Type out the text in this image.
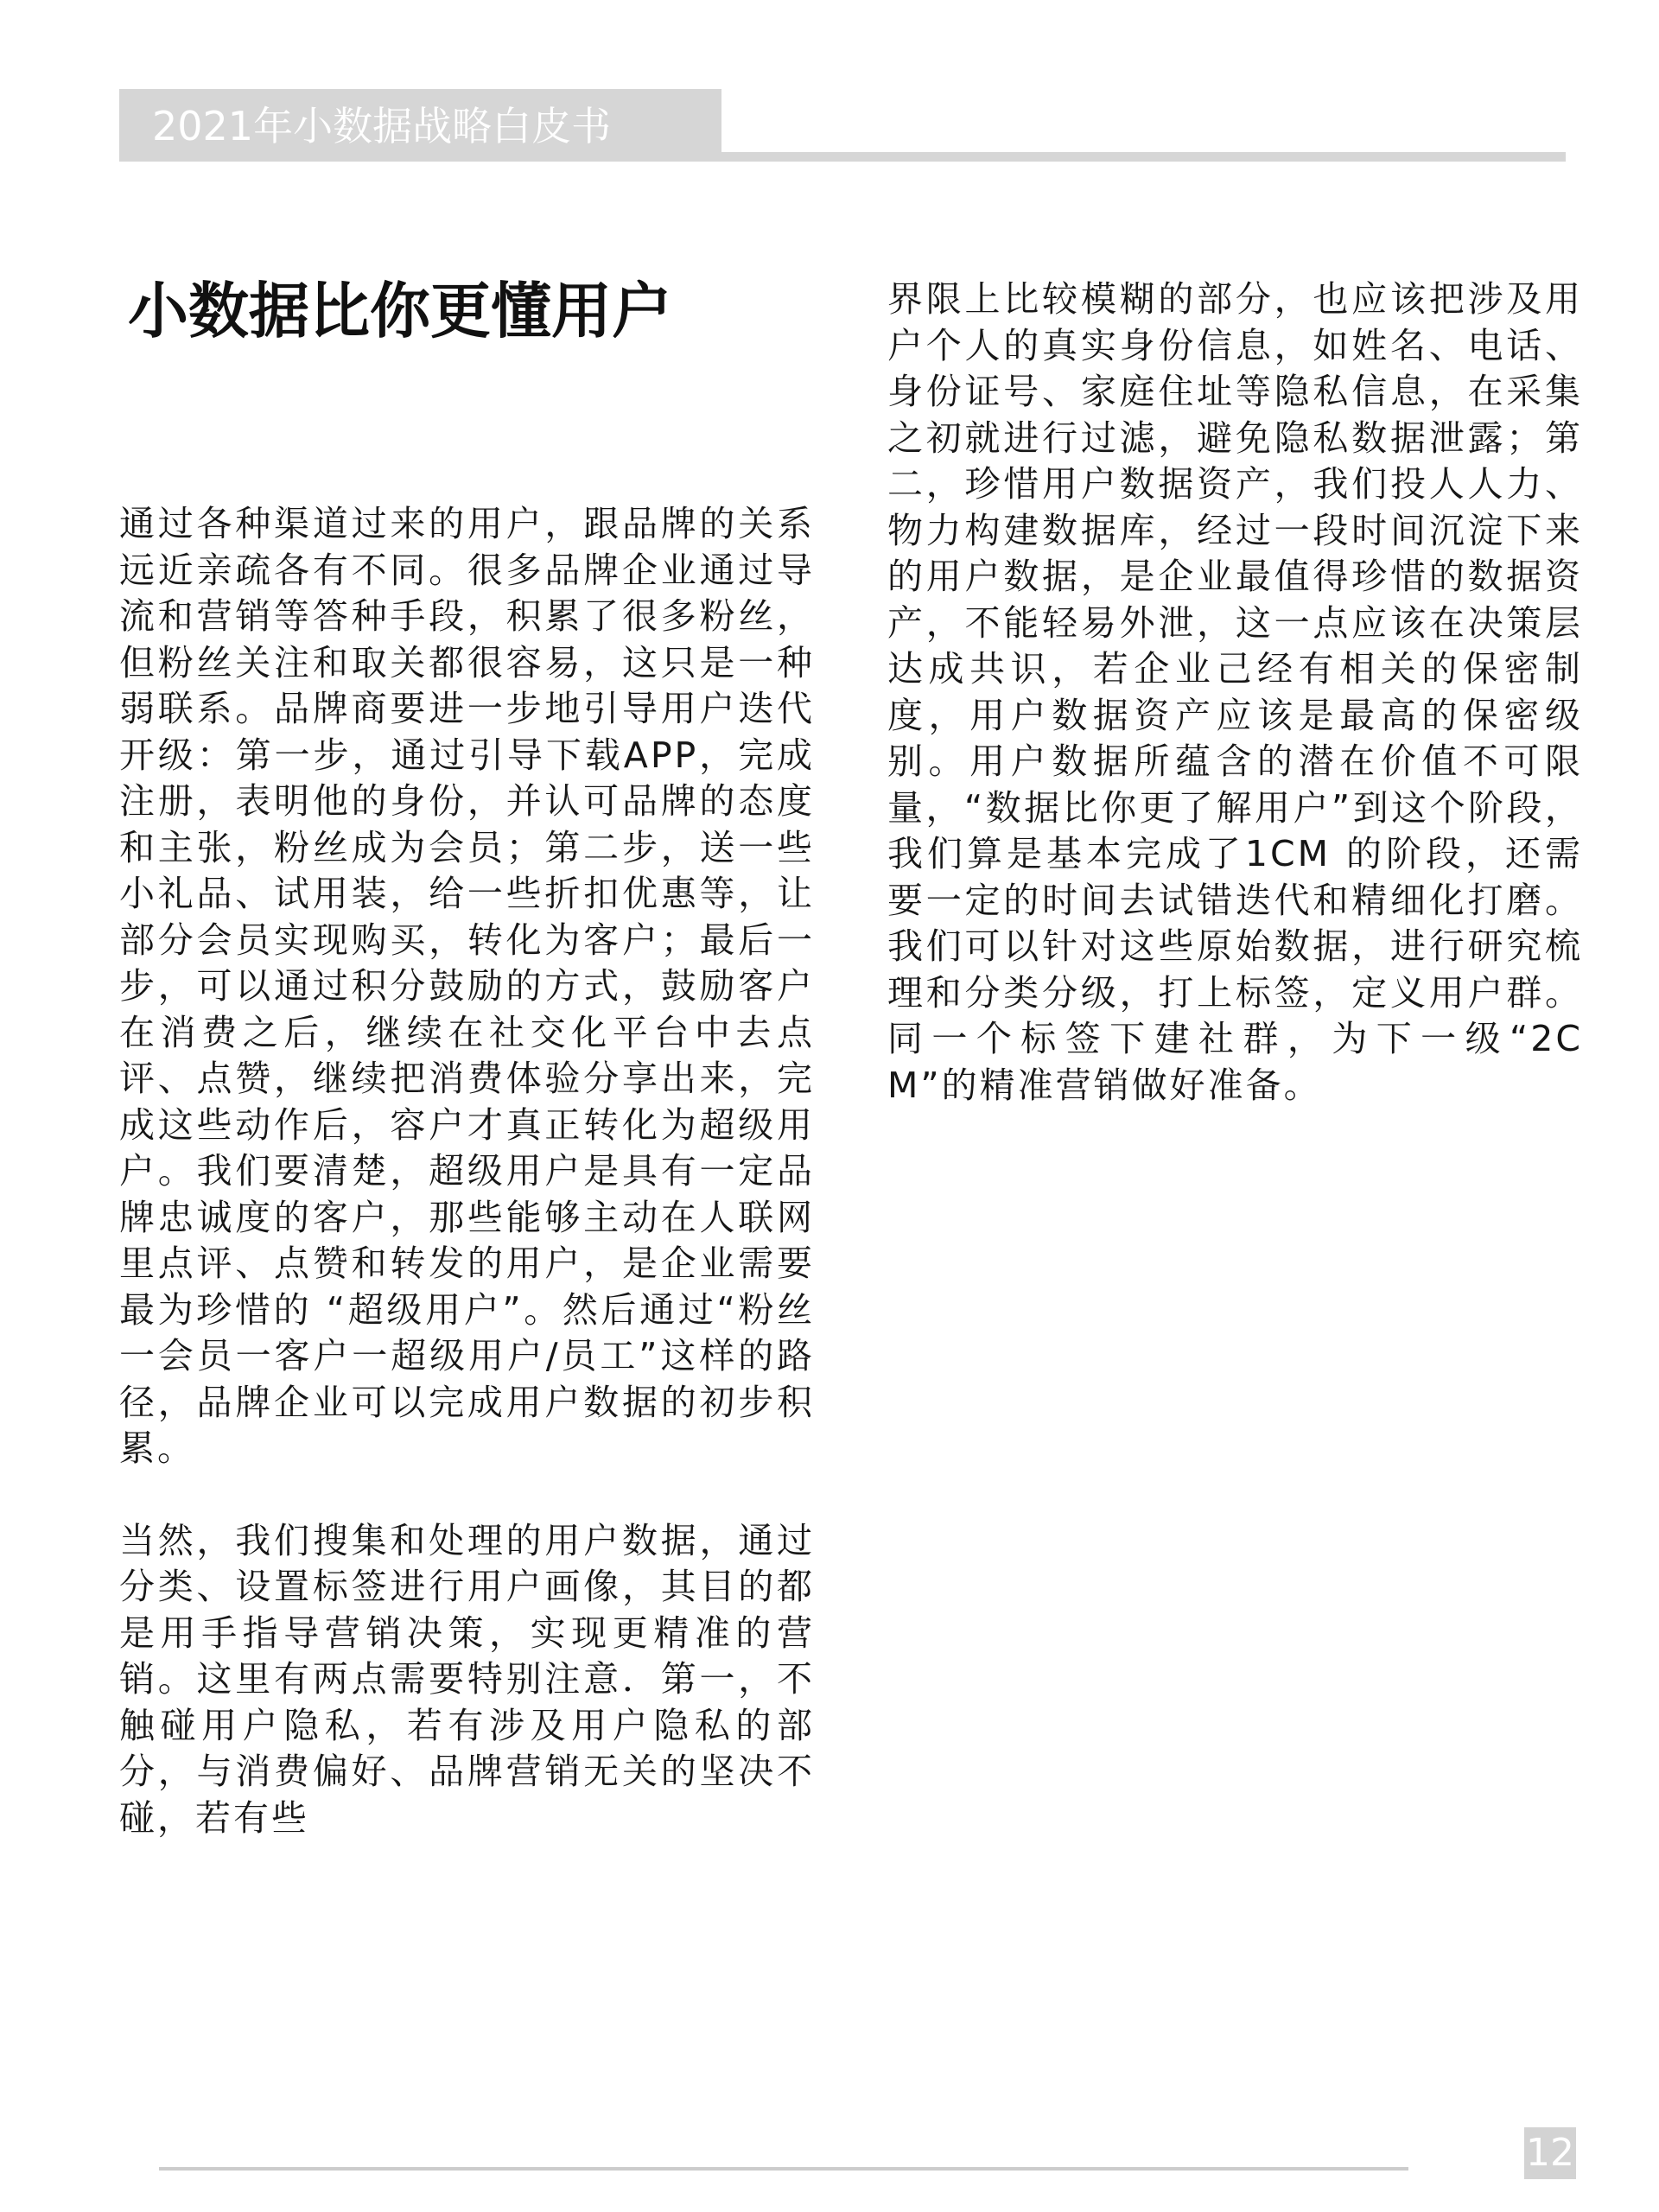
2021年小数据战略白皮书
小数据比你更懂用户

通过各种渠道过来的用户，跟品牌的关系远近亲疏各有不同。很多品牌企业通过导流和营销等答种手段，积累了很多粉丝，但粉丝关注和取关都很容易，这只是一种弱联系。品牌商要进一步地引导用户迭代开级：第一步，通过引导下载APP，完成注册，表明他的身份，并认可品牌的态度和主张，粉丝成为会员；第二步，送一些小礼品、试用装，给一些折扣优惠等，让部分会员实现购买，转化为客户；最后一步，可以通过积分鼓励的方式，鼓励客户在消费之后，继续在社交化平台中去点评、点赞，继续把消费体验分享出来，完成这些动作后，容户才真正转化为超级用户。我们要清楚，超级用户是具有一定品牌忠诚度的客户，那些能够主动在人联网里点评、点赞和转发的用户，是企业需要最为珍惜的 “超级用户”。然后通过“粉丝一会员一客户一超级用户/员工”这样的路径，品牌企业可以完成用户数据的初步积累。

当然，我们搜集和处理的用户数据，通过分类、设置标签进行用户画像，其目的都是用手指导营销决策，实现更精准的营销。这里有两点需要特别注意．第一，不触碰用户隐私，若有涉及用户隐私的部分，与消费偏好、品牌营销无关的坚决不碰，若有些

界限上比较模糊的部分，也应该把涉及用户个人的真实身份信息，如姓名、电话、身份证号、家庭住址等隐私信息，在采集之初就进行过滤，避免隐私数据泄露；第二，珍惜用户数据资产，我们投人人力、物力构建数据库，经过一段时间沉淀下来的用户数据，是企业最值得珍惜的数据资产，不能轻易外泄，这一点应该在决策层达成共识，若企业己经有相关的保密制度，用户数据资产应该是最高的保密级别。用户数据所蕴含的潜在价值不可限量，“数据比你更了解用户”到这个阶段，我们算是基本完成了1CM 的阶段，还需要一定的时间去试错迭代和精细化打磨。我们可以针对这些原始数据，进行研究梳理和分类分级，打上标签，定义用户群。同一个标签下建社群，为下一级“2CM”的精准营销做好准备。

12
